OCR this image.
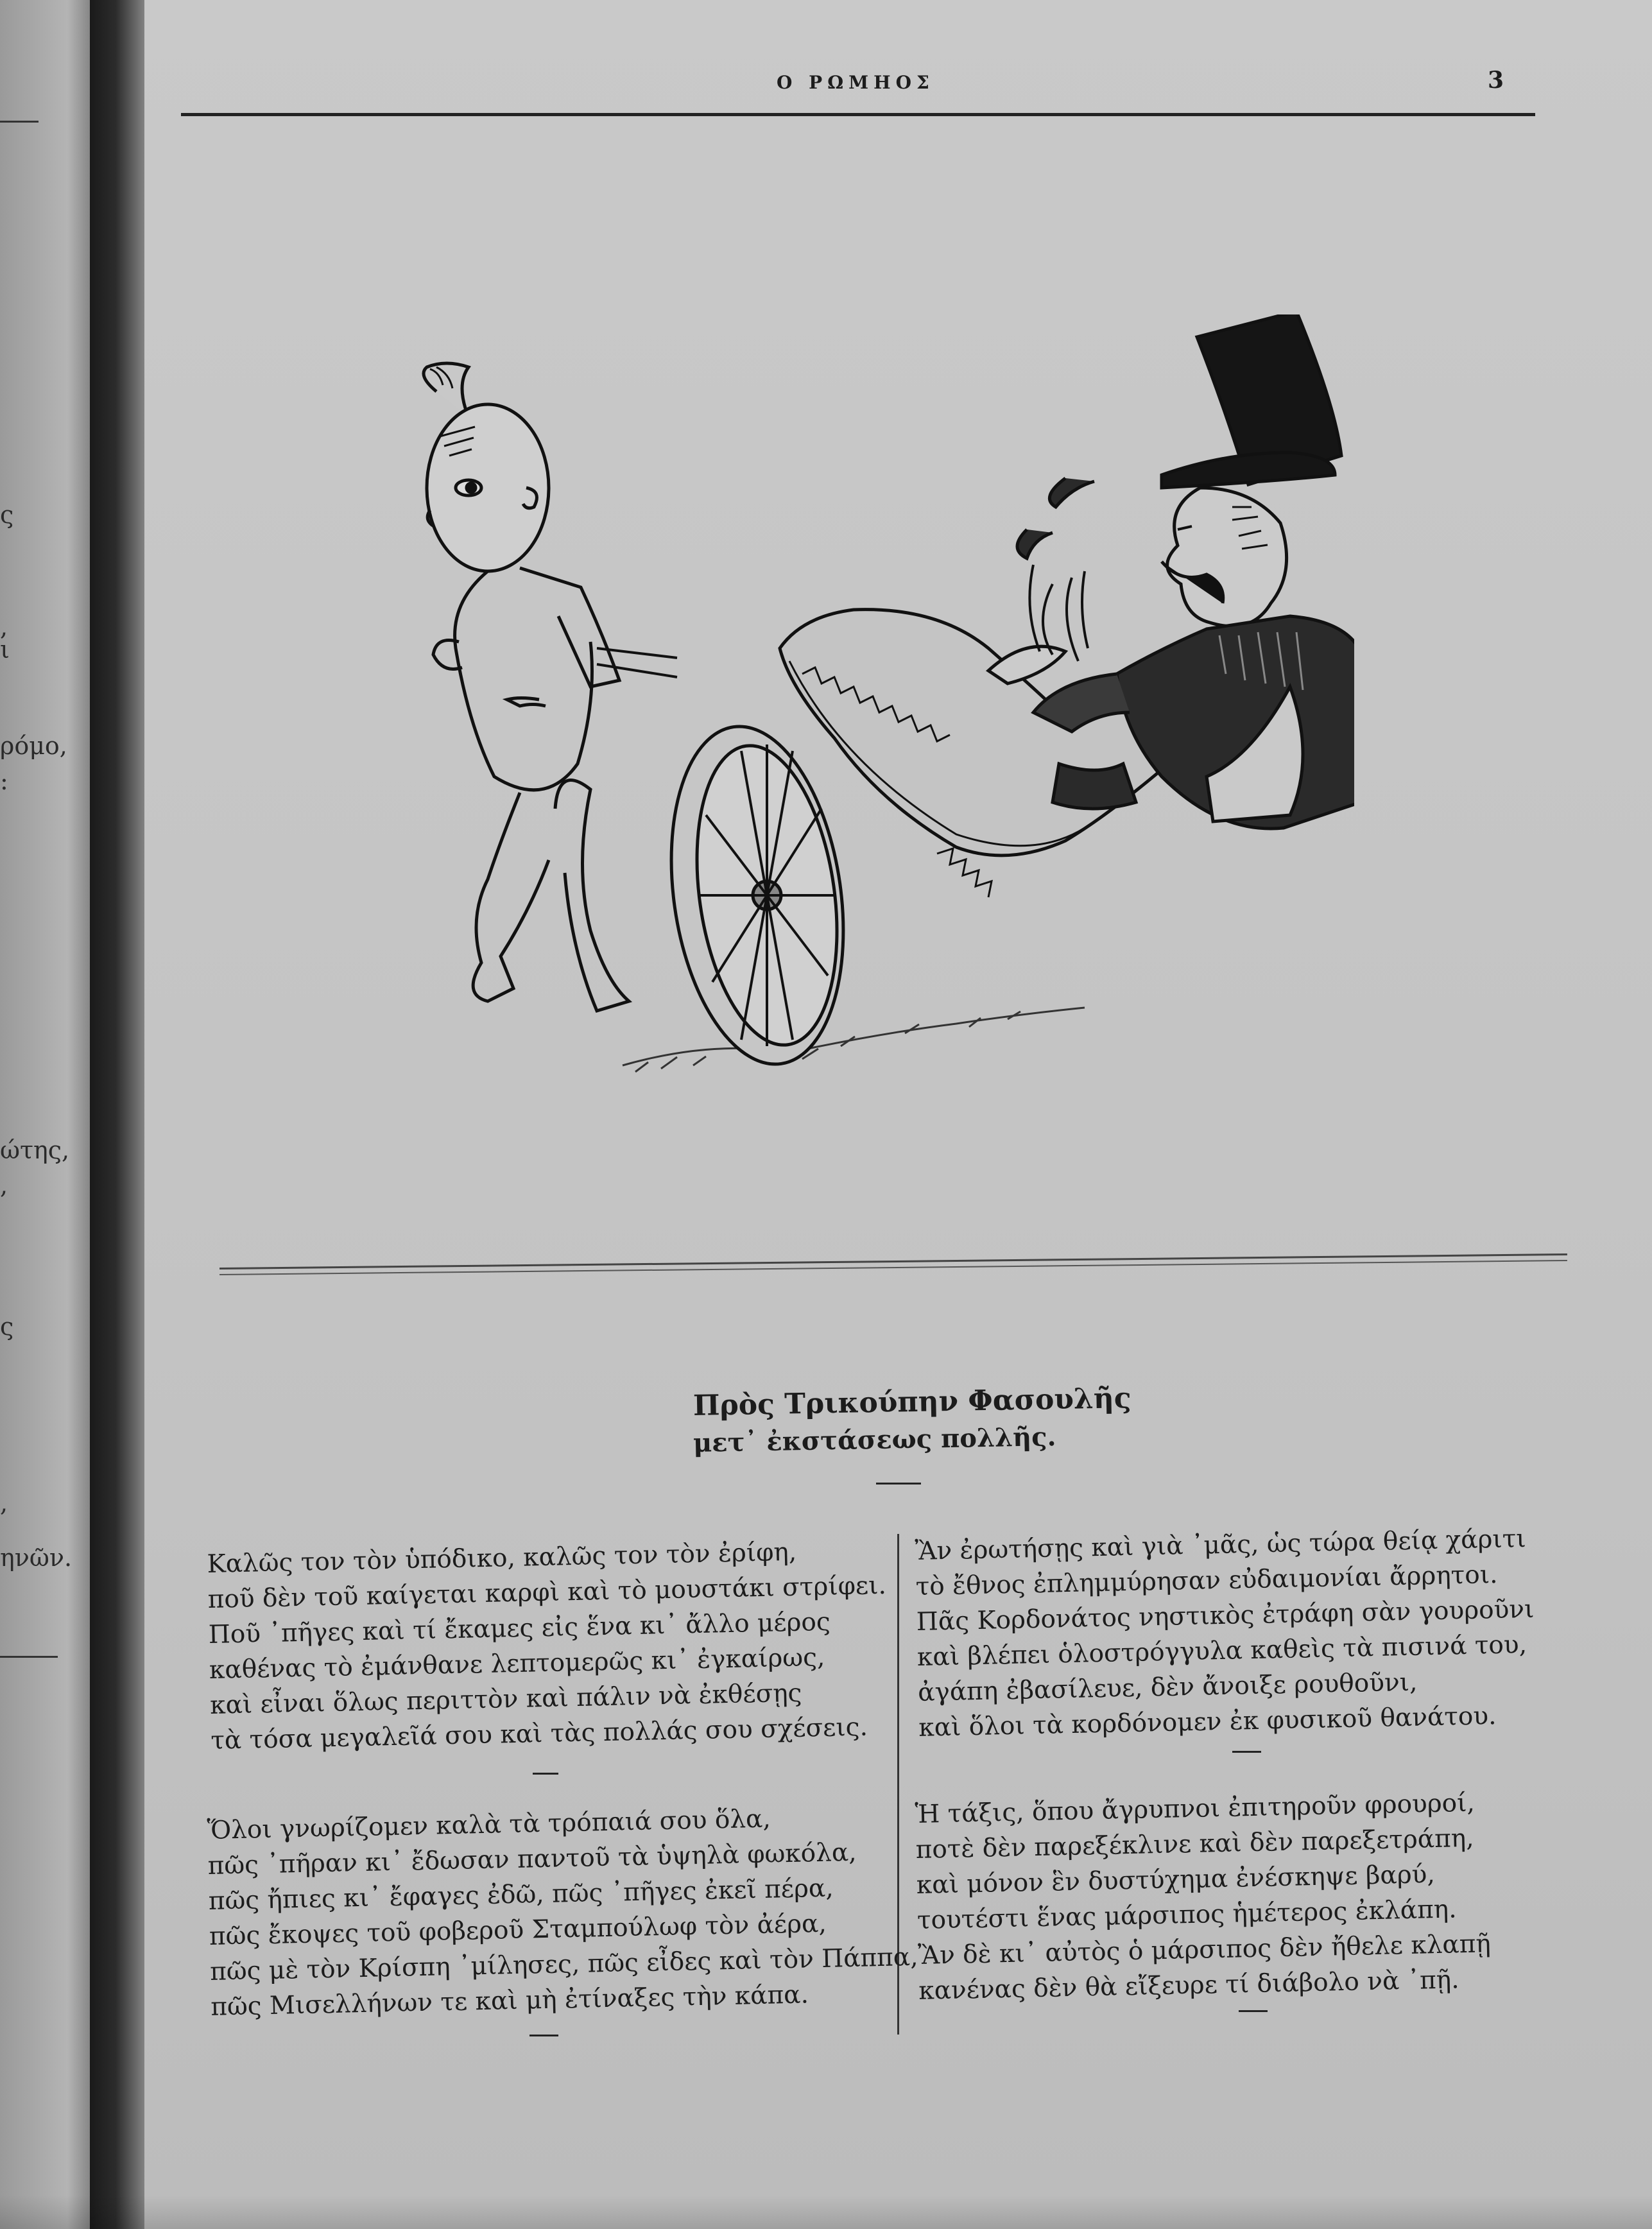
ς
,
ι
ρόμο,
:
ώτης,
,
ς
,
ηνῶν.
Ο ΡΩΜΗΟΣ	3
Πρὸς Τρικούπην Φασουλῆς
μετ᾿ ἐκστάσεως πολλῆς.
Καλῶς τον τὸν ὑπόδικο, καλῶς τον τὸν ἐρίφη,
ποῦ δὲν τοῦ καίγεται καρφὶ καὶ τὸ μουστάκι στρίφει.
Ποῦ ᾿πῆγες καὶ τί ἔκαμες εἰς ἕνα κι᾿ ἄλλο μέρος
καθένας τὸ ἐμάνθανε λεπτομερῶς κι᾿ ἐγκαίρως,
καὶ εἶναι ὅλως περιττὸν καὶ πάλιν νὰ ἐκθέσῃς
τὰ τόσα μεγαλεῖά σου καὶ τὰς πολλάς σου σχέσεις.
Ὅλοι γνωρίζομεν καλὰ τὰ τρόπαιά σου ὅλα,
πῶς ᾿πῆραν κι᾿ ἔδωσαν παντοῦ τὰ ὑψηλὰ φωκόλα,
πῶς ἤπιες κι᾿ ἔφαγες ἐδῶ, πῶς ᾿πῆγες ἐκεῖ πέρα,
πῶς ἔκοψες τοῦ φοβεροῦ Σταμπούλωφ τὸν ἀέρα,
πῶς μὲ τὸν Κρίσπη ᾿μίλησες, πῶς εἶδες καὶ τὸν Πάππα,
πῶς Μισελλήνων τε καὶ μὴ ἐτίναξες τὴν κάπα.
Ἂν ἐρωτήσῃς καὶ γιὰ ᾿μᾶς, ὡς τώρα θείᾳ χάριτι
τὸ ἔθνος ἐπλημμύρησαν εὐδαιμονίαι ἄρρητοι.
Πᾶς Κορδονάτος νηστικὸς ἐτράφη σὰν γουροῦνι
καὶ βλέπει ὁλοστρόγγυλα καθεὶς τὰ πισινά του,
ἀγάπη ἐβασίλευε, δὲν ἄνοιξε ρουθοῦνι,
καὶ ὅλοι τὰ κορδόνομεν ἐκ φυσικοῦ θανάτου.
Ἡ τάξις, ὅπου ἄγρυπνοι ἐπιτηροῦν φρουροί,
ποτὲ δὲν παρεξέκλινε καὶ δὲν παρεξετράπη,
καὶ μόνον ἓν δυστύχημα ἐνέσκηψε βαρύ,
τουτέστι ἕνας μάρσιπος ἡμέτερος ἐκλάπη.
Ἂν δὲ κι᾿ αὐτὸς ὁ μάρσιπος δὲν ἤθελε κλαπῇ
κανένας δὲν θὰ εἴξευρε τί διάβολο νὰ ᾿πῇ.
